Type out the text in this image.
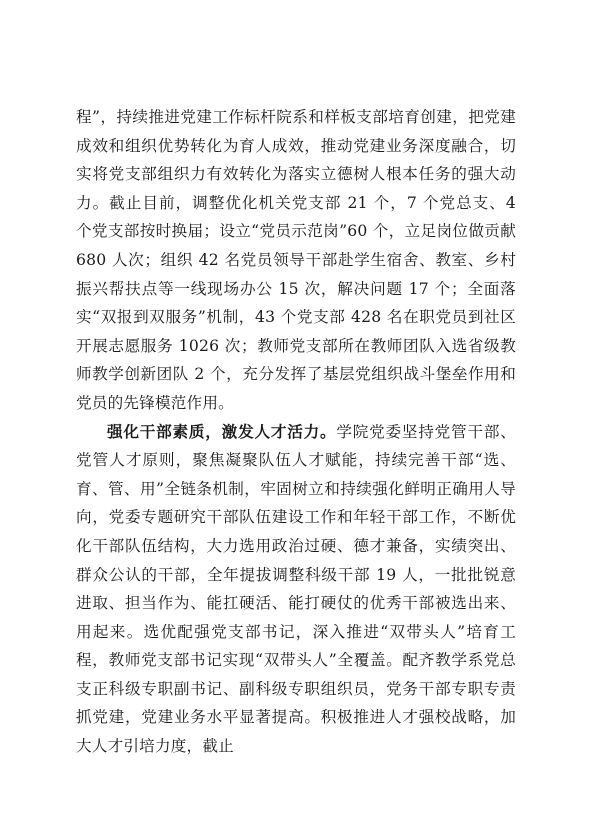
程”，持续推进党建工作标杆院系和样板支部培育创建，把党建成效和组织优势转化为育人成效，推动党建业务深度融合，切实将党支部组织力有效转化为落实立德树人根本任务的强大动力。截止目前，调整优化机关党支部 21 个，7 个党总支、4 个党支部按时换届；设立“党员示范岗”60 个，立足岗位做贡献 680 人次；组织 42 名党员领导干部赴学生宿舍、教室、乡村振兴帮扶点等一线现场办公 15 次，解决问题 17 个；全面落实“双报到双服务”机制，43 个党支部 428 名在职党员到社区开展志愿服务 1026 次；教师党支部所在教师团队入选省级教师教学创新团队 2 个，充分发挥了基层党组织战斗堡垒作用和党员的先锋模范作用。

强化干部素质，激发人才活力。学院党委坚持党管干部、党管人才原则，聚焦凝聚队伍人才赋能，持续完善干部“选、育、管、用”全链条机制，牢固树立和持续强化鲜明正确用人导向，党委专题研究干部队伍建设工作和年轻干部工作，不断优化干部队伍结构，大力选用政治过硬、德才兼备，实绩突出、群众公认的干部，全年提拔调整科级干部 19 人，一批批锐意进取、担当作为、能扛硬活、能打硬仗的优秀干部被选出来、用起来。选优配强党支部书记，深入推进“双带头人”培育工程，教师党支部书记实现“双带头人”全覆盖。配齐教学系党总支正科级专职副书记、副科级专职组织员，党务干部专职专责抓党建，党建业务水平显著提高。积极推进人才强校战略，加大人才引培力度，截止
